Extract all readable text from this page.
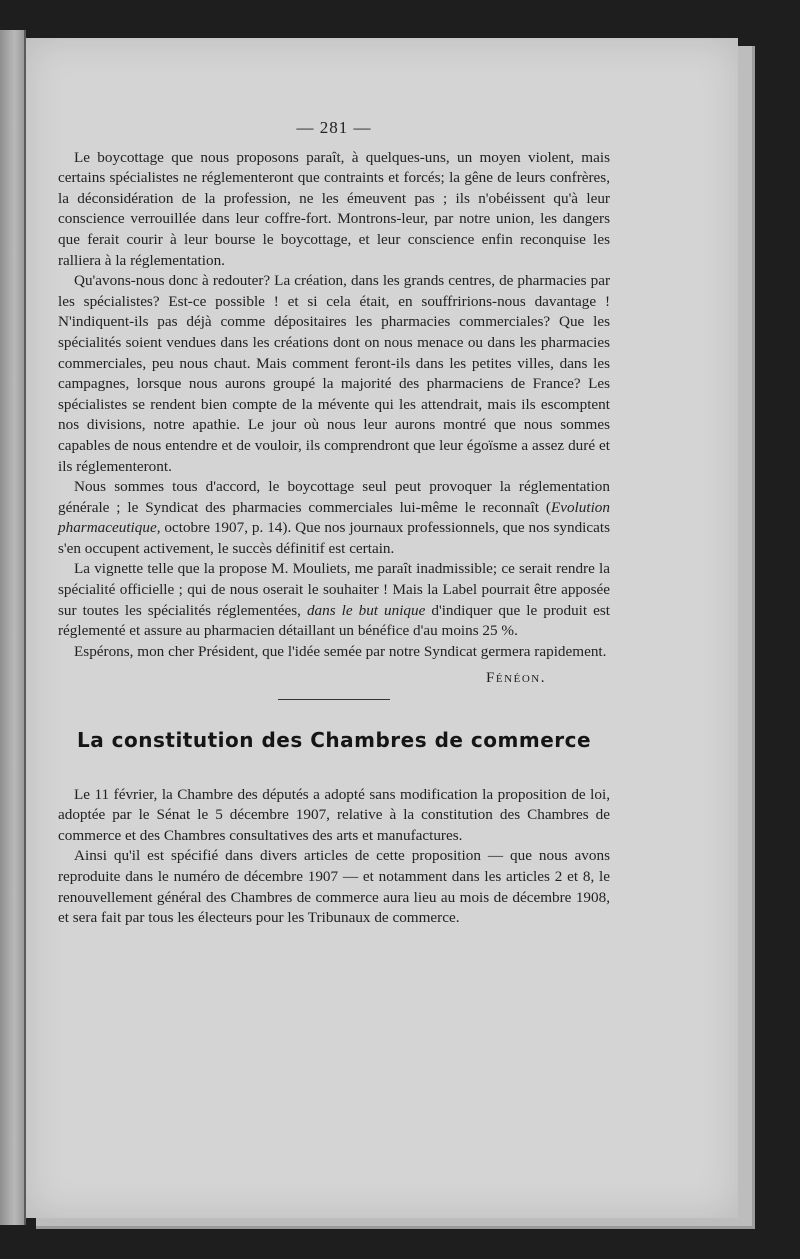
— 281 —

Le boycottage que nous proposons paraît, à quelques-uns, un moyen violent, mais certains spécialistes ne réglementeront que contraints et forcés; la gêne de leurs confrères, la déconsidération de la profession, ne les émeuvent pas ; ils n'obéissent qu'à leur conscience verrouillée dans leur coffre-fort. Montrons-leur, par notre union, les dangers que ferait courir à leur bourse le boycottage, et leur conscience enfin reconquise les ralliera à la réglementation.

Qu'avons-nous donc à redouter? La création, dans les grands centres, de pharmacies par les spécialistes? Est-ce possible ! et si cela était, en souffririons-nous davantage ! N'indiquent-ils pas déjà comme dépositaires les pharmacies commerciales? Que les spécialités soient vendues dans les créations dont on nous menace ou dans les pharmacies commerciales, peu nous chaut. Mais comment feront-ils dans les petites villes, dans les campagnes, lorsque nous aurons groupé la majorité des pharmaciens de France? Les spécialistes se rendent bien compte de la mévente qui les attendrait, mais ils escomptent nos divisions, notre apathie. Le jour où nous leur aurons montré que nous sommes capables de nous entendre et de vouloir, ils comprendront que leur égoïsme a assez duré et ils réglementeront.

Nous sommes tous d'accord, le boycottage seul peut provoquer la réglementation générale ; le Syndicat des pharmacies commerciales lui-même le reconnaît (Evolution pharmaceutique, octobre 1907, p. 14). Que nos journaux professionnels, que nos syndicats s'en occupent activement, le succès définitif est certain.

La vignette telle que la propose M. Mouliets, me paraît inadmissible; ce serait rendre la spécialité officielle ; qui de nous oserait le souhaiter ! Mais la Label pourrait être apposée sur toutes les spécialités réglementées, dans le but unique d'indiquer que le produit est réglementé et assure au pharmacien détaillant un bénéfice d'au moins 25 %.

Espérons, mon cher Président, que l'idée semée par notre Syndicat germera rapidement.

Fénéon.
La constitution des Chambres de commerce

Le 11 février, la Chambre des députés a adopté sans modification la proposition de loi, adoptée par le Sénat le 5 décembre 1907, relative à la constitution des Chambres de commerce et des Chambres consultatives des arts et manufactures.

Ainsi qu'il est spécifié dans divers articles de cette proposition — que nous avons reproduite dans le numéro de décembre 1907 — et notamment dans les articles 2 et 8, le renouvellement général des Chambres de commerce aura lieu au mois de décembre 1908, et sera fait par tous les électeurs pour les Tribunaux de commerce.
